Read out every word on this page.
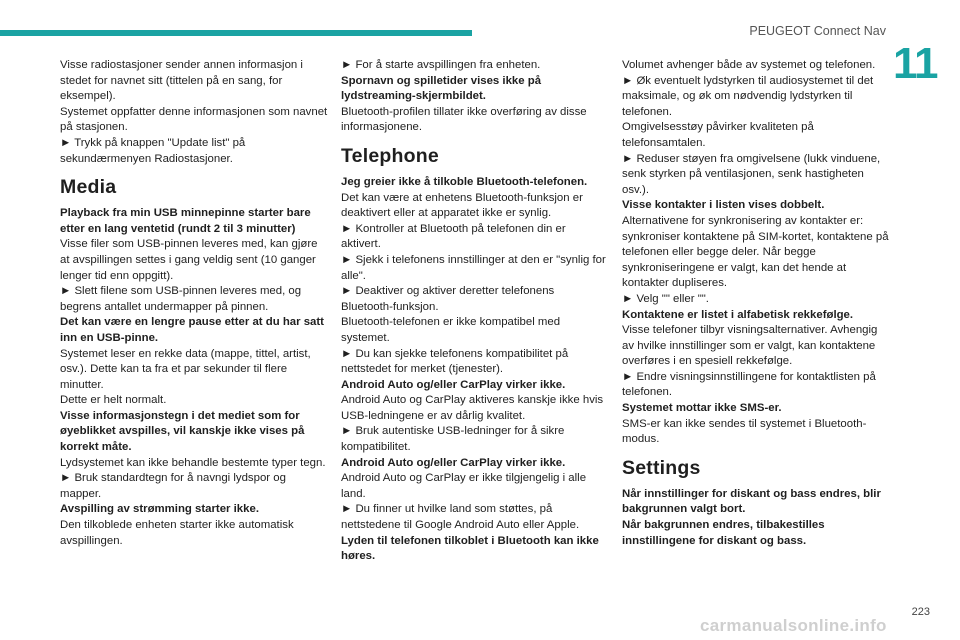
PEUGEOT Connect Nav
11

Visse radiostasjoner sender annen informasjon i stedet for navnet sitt (tittelen på en sang, for eksempel).

Systemet oppfatter denne informasjonen som navnet på stasjonen.

► Trykk på knappen "Update list" på sekundærmenyen Radiostasjoner.

Media

Playback fra min USB minnepinne starter bare etter en lang ventetid (rundt 2 til 3 minutter)

Visse filer som USB-pinnen leveres med, kan gjøre at avspillingen settes i gang veldig sent (10 ganger lenger tid enn oppgitt).

► Slett filene som USB-pinnen leveres med, og begrens antallet undermapper på pinnen.

Det kan være en lengre pause etter at du har satt inn en USB-pinne.

Systemet leser en rekke data (mappe, tittel, artist, osv.). Dette kan ta fra et par sekunder til flere minutter.

Dette er helt normalt.

Visse informasjonstegn i det mediet som for øyeblikket avspilles, vil kanskje ikke vises på korrekt måte.

Lydsystemet kan ikke behandle bestemte typer tegn.

► Bruk standardtegn for å navngi lydspor og mapper.

Avspilling av strømming starter ikke.

Den tilkoblede enheten starter ikke automatisk avspillingen.

► For å starte avspillingen fra enheten.

Spornavn og spilletider vises ikke på lydstreaming-skjermbildet.

Bluetooth-profilen tillater ikke overføring av disse informasjonene.

Telephone

Jeg greier ikke å tilkoble Bluetooth-telefonen.

Det kan være at enhetens Bluetooth-funksjon er deaktivert eller at apparatet ikke er synlig.

► Kontroller at Bluetooth på telefonen din er aktivert.

► Sjekk i telefonens innstillinger at den er "synlig for alle".

► Deaktiver og aktiver deretter telefonens Bluetooth-funksjon.

Bluetooth-telefonen er ikke kompatibel med systemet.

► Du kan sjekke telefonens kompatibilitet på nettstedet for merket (tjenester).

Android Auto og/eller CarPlay virker ikke.

Android Auto og CarPlay aktiveres kanskje ikke hvis USB-ledningene er av dårlig kvalitet.

► Bruk autentiske USB-ledninger for å sikre kompatibilitet.

Android Auto og/eller CarPlay virker ikke.

Android Auto og CarPlay er ikke tilgjengelig i alle land.

► Du finner ut hvilke land som støttes, på nettstedene til Google Android Auto eller Apple.

Lyden til telefonen tilkoblet i Bluetooth kan ikke høres.

Volumet avhenger både av systemet og telefonen.

► Øk eventuelt lydstyrken til audiosystemet til det maksimale, og øk om nødvendig lydstyrken til telefonen.

Omgivelsesstøy påvirker kvaliteten på telefonsamtalen.

► Reduser støyen fra omgivelsene (lukk vinduene, senk styrken på ventilasjonen, senk hastigheten osv.).

Visse kontakter i listen vises dobbelt.

Alternativene for synkronisering av kontakter er: synkroniser kontaktene på SIM-kortet, kontaktene på telefonen eller begge deler. Når begge synkroniseringene er valgt, kan det hende at kontakter dupliseres.

► Velg "" eller "".

Kontaktene er listet i alfabetisk rekkefølge.

Visse telefoner tilbyr visningsalternativer. Avhengig av hvilke innstillinger som er valgt, kan kontaktene overføres i en spesiell rekkefølge.

► Endre visningsinnstillingene for kontaktlisten på telefonen.

Systemet mottar ikke SMS-er.

SMS-er kan ikke sendes til systemet i Bluetooth-modus.

Settings

Når innstillinger for diskant og bass endres, blir bakgrunnen valgt bort.

Når bakgrunnen endres, tilbakestilles innstillingene for diskant og bass.

223
carmanualsonline.info
